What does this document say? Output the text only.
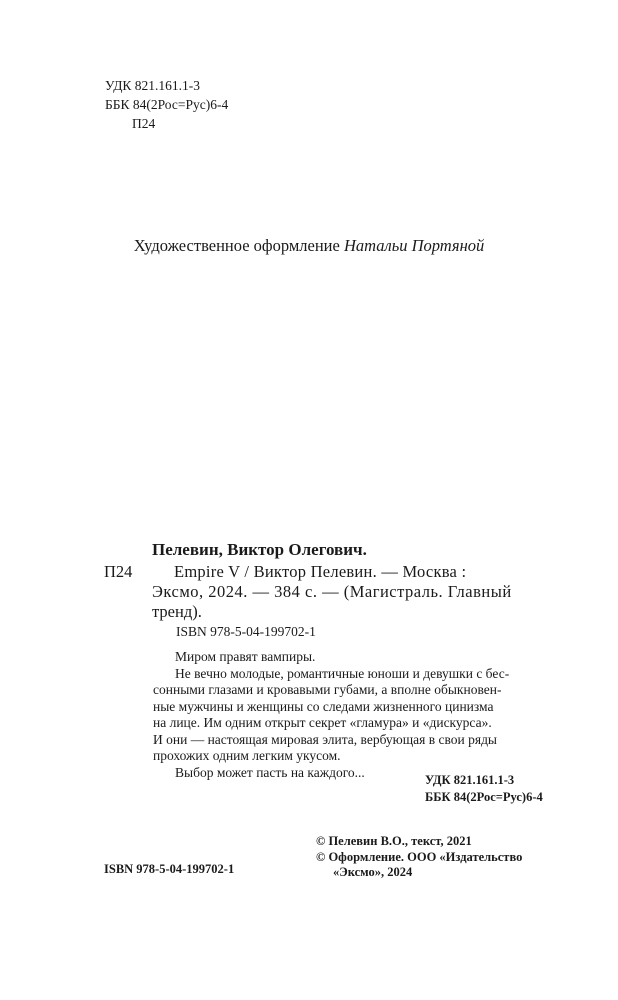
УДК 821.161.1-3
ББК 84(2Рос=Рус)6-4
П24
Художественное оформление Натальи Портяной
Пелевин, Виктор Олегович.
П24	Empire V / Виктор Пелевин. — Москва :
Эксмо, 2024. — 384 с. — (Магистраль. Главный
тренд).
ISBN 978-5-04-199702-1
Миром правят вампиры.
Не вечно молодые, романтичные юноши и девушки с бес-
сонными глазами и кровавыми губами, а вполне обыкновен-
ные мужчины и женщины со следами жизненного цинизма
на лице. Им одним открыт секрет «гламура» и «дискурса».
И они — настоящая мировая элита, вербующая в свои ряды
прохожих одним легким укусом.
Выбор может пасть на каждого...
УДК 821.161.1-3
ББК 84(2Рос=Рус)6-4
© Пелевин В.О., текст, 2021
© Оформление. ООО «Издательство
«Эксмо», 2024
ISBN 978-5-04-199702-1
